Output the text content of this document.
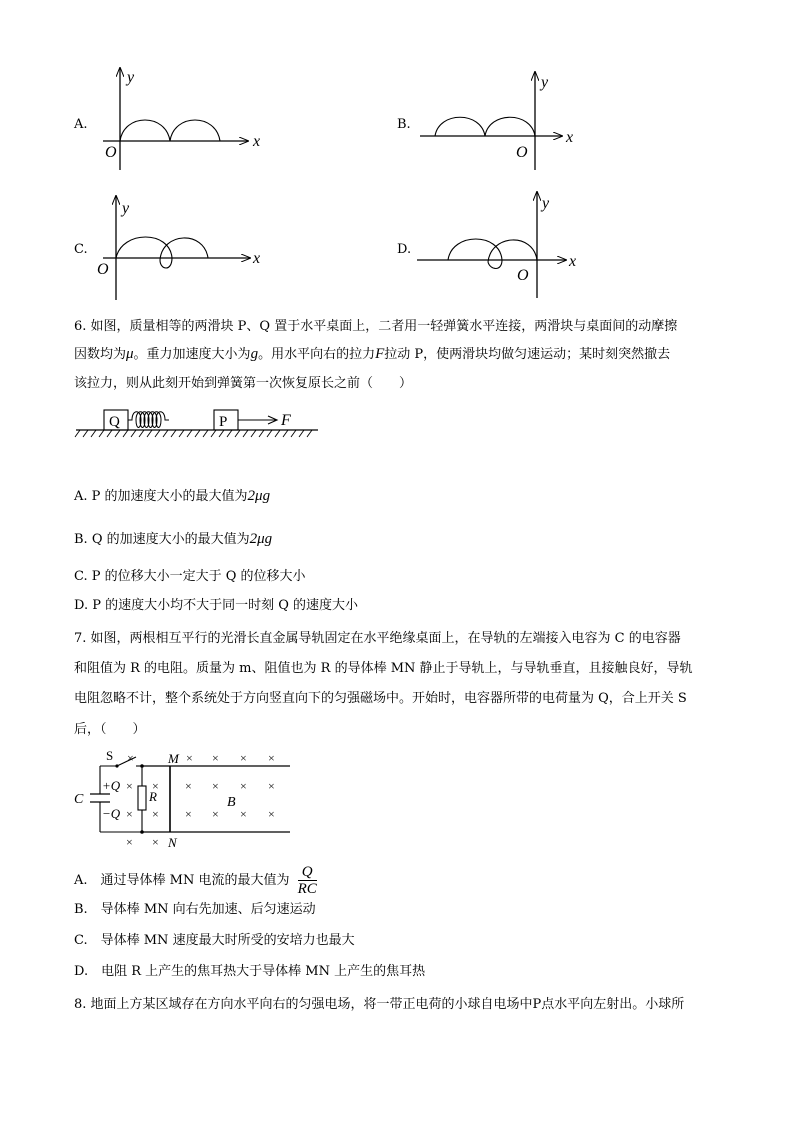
A.	B.
C.	D.
y
x
O
y
x
O
y
x
O
y
x
O
6. 如图，质量相等的两滑块 P、Q 置于水平桌面上，二者用一轻弹簧水平连接，两滑块与桌面间的动摩擦
因数均为μ。重力加速度大小为g。用水平向右的拉力F拉动 P，使两滑块均做匀速运动；某时刻突然撤去
该拉力，则从此刻开始到弹簧第一次恢复原长之前（　　）
Q	P	F
A. P 的加速度大小的最大值为2μg
B. Q 的加速度大小的最大值为2μg
C. P 的位移大小一定大于 Q 的位移大小
D. P 的速度大小均不大于同一时刻 Q 的速度大小
7. 如图，两根相互平行的光滑长直金属导轨固定在水平绝缘桌面上，在导轨的左端接入电容为 C 的电容器
和阻值为 R 的电阻。质量为 m、阻值也为 R 的导体棒 MN 静止于导轨上，与导轨垂直，且接触良好，导轨
电阻忽略不计，整个系统处于方向竖直向下的匀强磁场中。开始时，电容器所带的电荷量为 Q，合上开关 S
后，（　　）
S
+Q
−Q
C	R
M
N
B
×	× × × ×
× × × × × ×
× × × × × ×
× ×
A.　通过导体棒 MN 电流的最大值为 $\frac{Q}{RC}$
B.　导体棒 MN 向右先加速、后匀速运动
C.　导体棒 MN 速度最大时所受的安培力也最大
D.　电阻 R 上产生的焦耳热大于导体棒 MN 上产生的焦耳热
8. 地面上方某区域存在方向水平向右的匀强电场，将一带正电荷的小球自电场中P点水平向左射出。小球所
